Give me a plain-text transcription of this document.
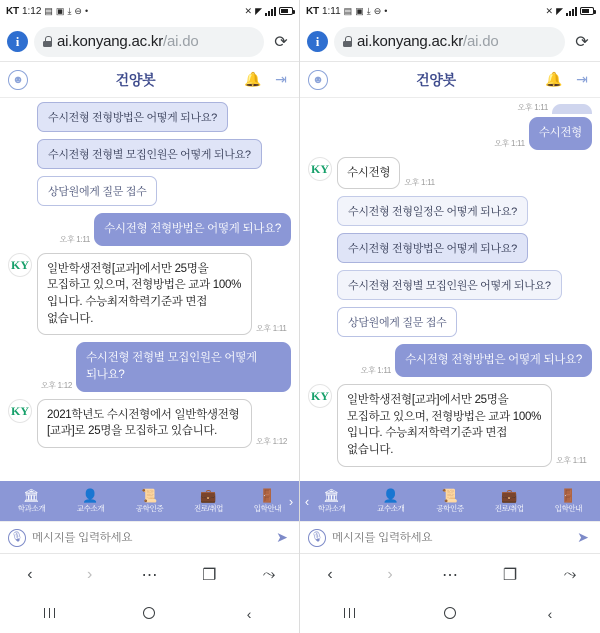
KT 1:12 ▤ ▣ ⤓ ⊖ •	✕ ◤
i	ai.konyang.ac.kr/ai.do	⟳
☻	건양봇	🔔 ⇥
수시전형 전형방법은 어떻게 되나요?
수시전형 전형별 모집인원은 어떻게 되나요?
상담원에게 질문 접수
오후 1:11
수시전형 전형방법은 어떻게 되나요?
KY	일반학생전형[교과]에서만 25명을 모집하고 있으며, 전형방법은 교과 100% 입니다. 수능최저학력기준과 면접 없습니다.
오후 1:11
오후 1:12
수시전형 전형별 모집인원은 어떻게 되나요?
KY	2021학년도 수시전형에서 일반학생전형[교과]로 25명을 모집하고 있습니다.
오후 1:12
🏛
학과소개
👤
교수소개
📜
공학인증
💼
진로/취업
🚪
입학안내 ›
🎙
메시지를 입력하세요	➤
‹	›	⋯	❐	⤳
‹
KT 1:11 ▤ ▣ ⤓ ⊖ •	✕ ◤
i	ai.konyang.ac.kr/ai.do	⟳
☻	건양봇	🔔 ⇥
오후 1:11
오후 1:11
수시전형
KY	수시전형
오후 1:11
수시전형 전형일정은 어떻게 되나요?
수시전형 전형방법은 어떻게 되나요?
수시전형 전형별 모집인원은 어떻게 되나요?
상담원에게 질문 접수
오후 1:11
수시전형 전형방법은 어떻게 되나요?
KY	일반학생전형[교과]에서만 25명을 모집하고 있으며, 전형방법은 교과 100% 입니다. 수능최저학력기준과 면접 없습니다.
오후 1:11
‹ 🏛
학과소개
👤
교수소개
📜
공학인증
💼
진로/취업
🚪
입학안내
🎙
메시지를 입력하세요	➤
‹	›	⋯	❐	⤳
‹
